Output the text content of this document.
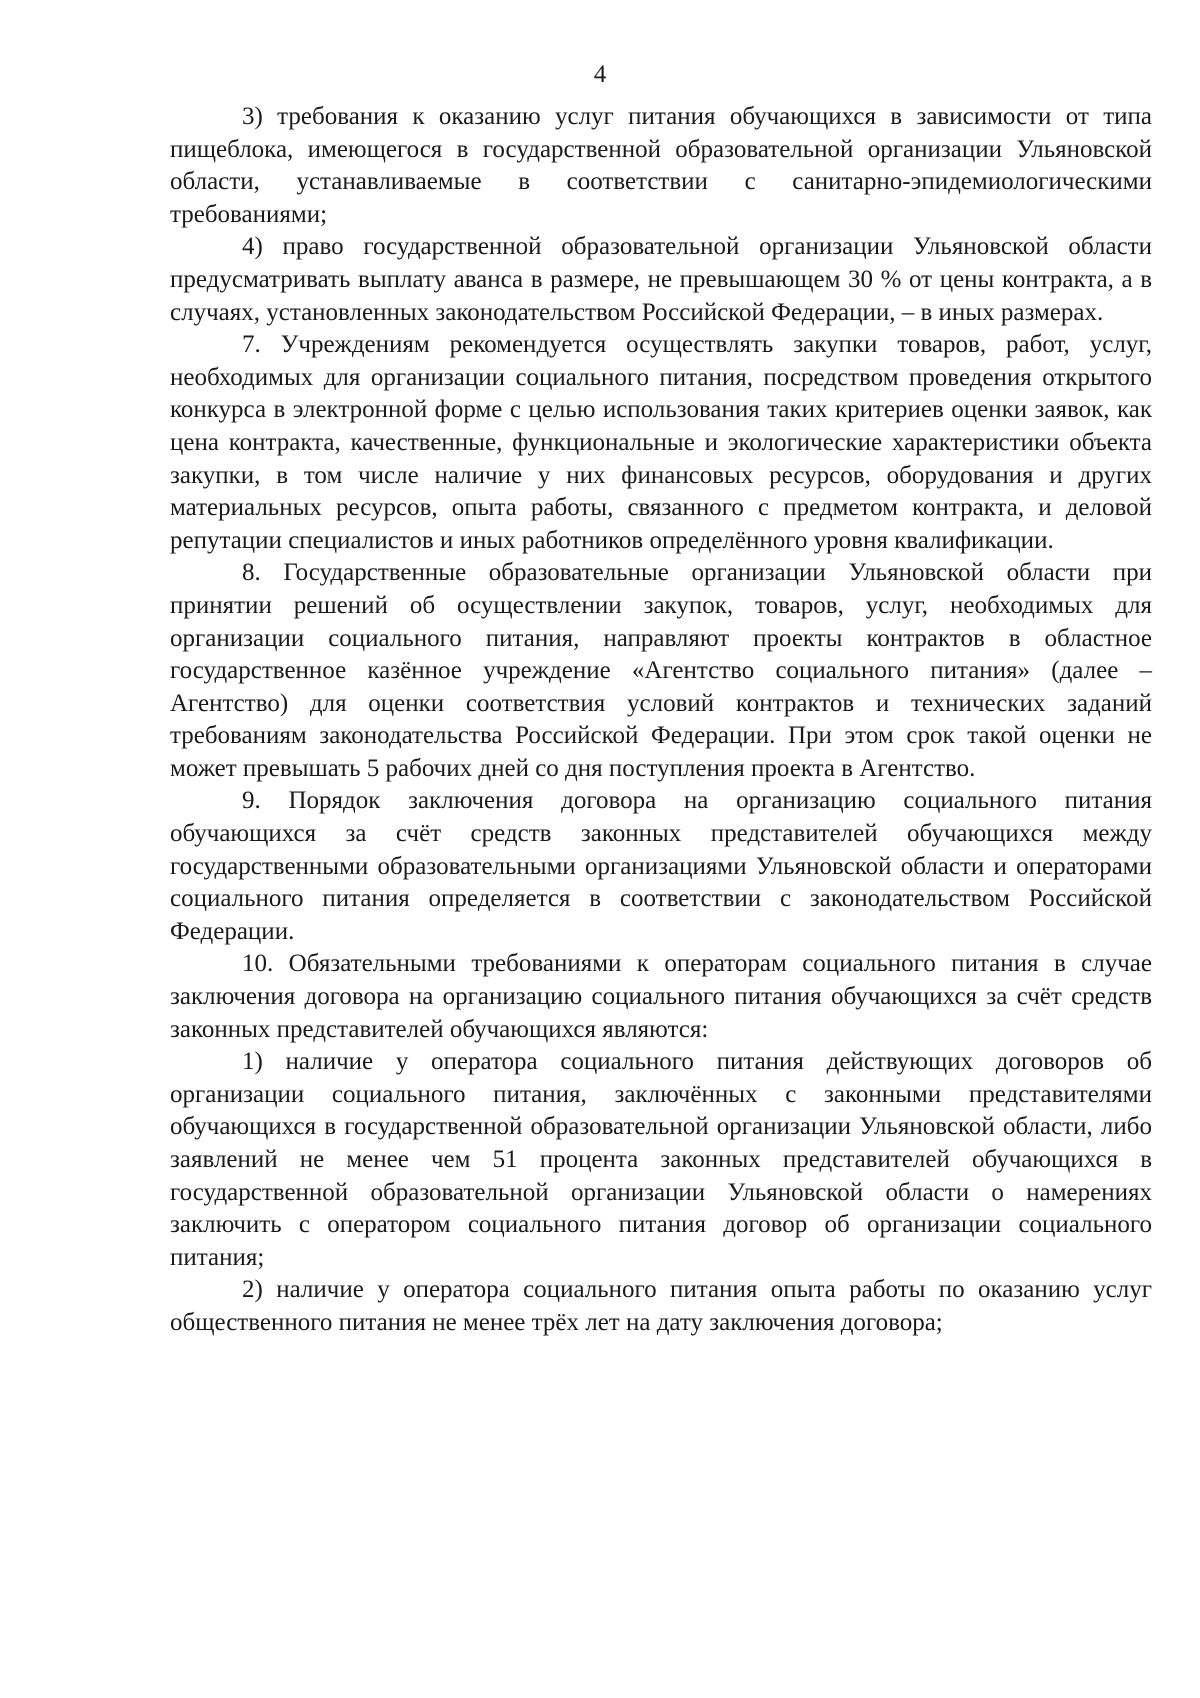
4

3) требования к оказанию услуг питания обучающихся в зависимости от типа пищеблока, имеющегося в государственной образовательной организации Ульяновской области, устанавливаемые в соответствии с санитарно-эпидемиологическими требованиями;

4) право государственной образовательной организации Ульяновской области предусматривать выплату аванса в размере, не превышающем 30 % от цены контракта, а в случаях, установленных законодательством Российской Федерации, – в иных размерах.

7. Учреждениям рекомендуется осуществлять закупки товаров, работ, услуг, необходимых для организации социального питания, посредством проведения открытого конкурса в электронной форме с целью использования таких критериев оценки заявок, как цена контракта, качественные, функциональные и экологические характеристики объекта закупки, в том числе наличие у них финансовых ресурсов, оборудования и других материальных ресурсов, опыта работы, связанного с предметом контракта, и деловой репутации специалистов и иных работников определённого уровня квалификации.

8. Государственные образовательные организации Ульяновской области при принятии решений об осуществлении закупок, товаров, услуг, необходимых для организации социального питания, направляют проекты контрактов в областное государственное казённое учреждение «Агентство социального питания» (далее – Агентство) для оценки соответствия условий контрактов и технических заданий требованиям законодательства Российской Федерации. При этом срок такой оценки не может превышать 5 рабочих дней со дня поступления проекта в Агентство.

9. Порядок заключения договора на организацию социального питания обучающихся за счёт средств законных представителей обучающихся между государственными образовательными организациями Ульяновской области и операторами социального питания определяется в соответствии с законодательством Российской Федерации.

10. Обязательными требованиями к операторам социального питания в случае заключения договора на организацию социального питания обучающихся за счёт средств законных представителей обучающихся являются:

1) наличие у оператора социального питания действующих договоров об организации социального питания, заключённых с законными представителями обучающихся в государственной образовательной организации Ульяновской области, либо заявлений не менее чем 51 процента законных представителей обучающихся в государственной образовательной организации Ульяновской области о намерениях заключить с оператором социального питания договор об организации социального питания;

2) наличие у оператора социального питания опыта работы по оказанию услуг общественного питания не менее трёх лет на дату заключения договора;
